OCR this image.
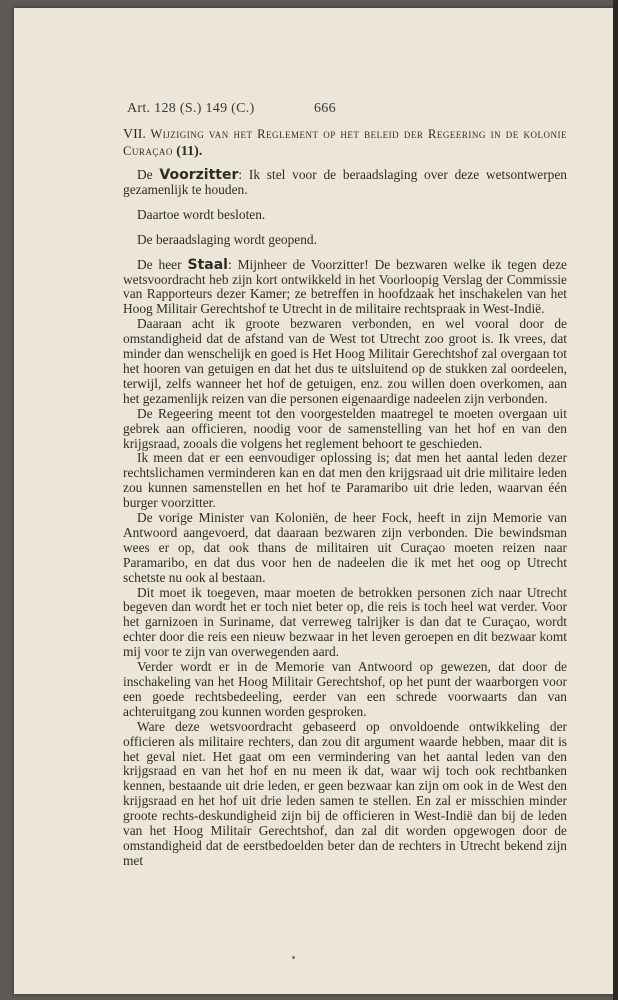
Art. 128 (S.) 149 (C.)	666

VII. Wijziging van het Reglement op het beleid der Regeering in de kolonie Curaçao (11).

De Voorzitter: Ik stel voor de beraadslaging over deze wetsontwerpen gezamenlijk te houden.

Daartoe wordt besloten.

De beraadslaging wordt geopend.

De heer Staal: Mijnheer de Voorzitter! De bezwaren welke ik tegen deze wetsvoordracht heb zijn kort ontwikkeld in het Voorloopig Verslag der Commissie van Rapporteurs dezer Kamer; ze betreffen in hoofdzaak het inschakelen van het Hoog Militair Gerechtshof te Utrecht in de militaire rechtspraak in West-Indië.

Daaraan acht ik groote bezwaren verbonden, en wel vooral door de omstandigheid dat de afstand van de West tot Utrecht zoo groot is. Ik vrees, dat minder dan wenschelijk en goed is Het Hoog Militair Gerechtshof zal overgaan tot het hooren van getuigen en dat het dus te uitsluitend op de stukken zal oordeelen, terwijl, zelfs wanneer het hof de getuigen, enz. zou willen doen overkomen, aan het gezamenlijk reizen van die personen eigenaardige nadeelen zijn verbonden.

De Regeering meent tot den voorgestelden maatregel te moeten overgaan uit gebrek aan officieren, noodig voor de samenstelling van het hof en van den krijgsraad, zooals die volgens het reglement behoort te geschieden.

Ik meen dat er een eenvoudiger oplossing is; dat men het aantal leden dezer rechtslichamen verminderen kan en dat men den krijgsraad uit drie militaire leden zou kunnen samenstellen en het hof te Paramaribo uit drie leden, waarvan één burger voorzitter.

De vorige Minister van Koloniën, de heer Fock, heeft in zijn Memorie van Antwoord aangevoerd, dat daaraan bezwaren zijn verbonden. Die bewindsman wees er op, dat ook thans de militairen uit Curaçao moeten reizen naar Paramaribo, en dat dus voor hen de nadeelen die ik met het oog op Utrecht schetste nu ook al bestaan.

Dit moet ik toegeven, maar moeten de betrokken personen zich naar Utrecht begeven dan wordt het er toch niet beter op, die reis is toch heel wat verder. Voor het garnizoen in Suriname, dat verreweg talrijker is dan dat te Curaçao, wordt echter door die reis een nieuw bezwaar in het leven geroepen en dit bezwaar komt mij voor te zijn van overwegenden aard.

Verder wordt er in de Memorie van Antwoord op gewezen, dat door de inschakeling van het Hoog Militair Gerechtshof, op het punt der waarborgen voor een goede rechtsbedeeling, eerder van een schrede voorwaarts dan van achteruitgang zou kunnen worden gesproken.

Ware deze wetsvoordracht gebaseerd op onvoldoende ontwikkeling der officieren als militaire rechters, dan zou dit argument waarde hebben, maar dit is het geval niet. Het gaat om een vermindering van het aantal leden van den krijgsraad en van het hof en nu meen ik dat, waar wij toch ook rechtbanken kennen, bestaande uit drie leden, er geen bezwaar kan zijn om ook in de West den krijgsraad en het hof uit drie leden samen te stellen. En zal er misschien minder groote rechts-deskundigheid zijn bij de officieren in West-Indië dan bij de leden van het Hoog Militair Gerechtshof, dan zal dit worden opgewogen door de omstandigheid dat de eerstbedoelden beter dan de rechters in Utrecht bekend zijn met
